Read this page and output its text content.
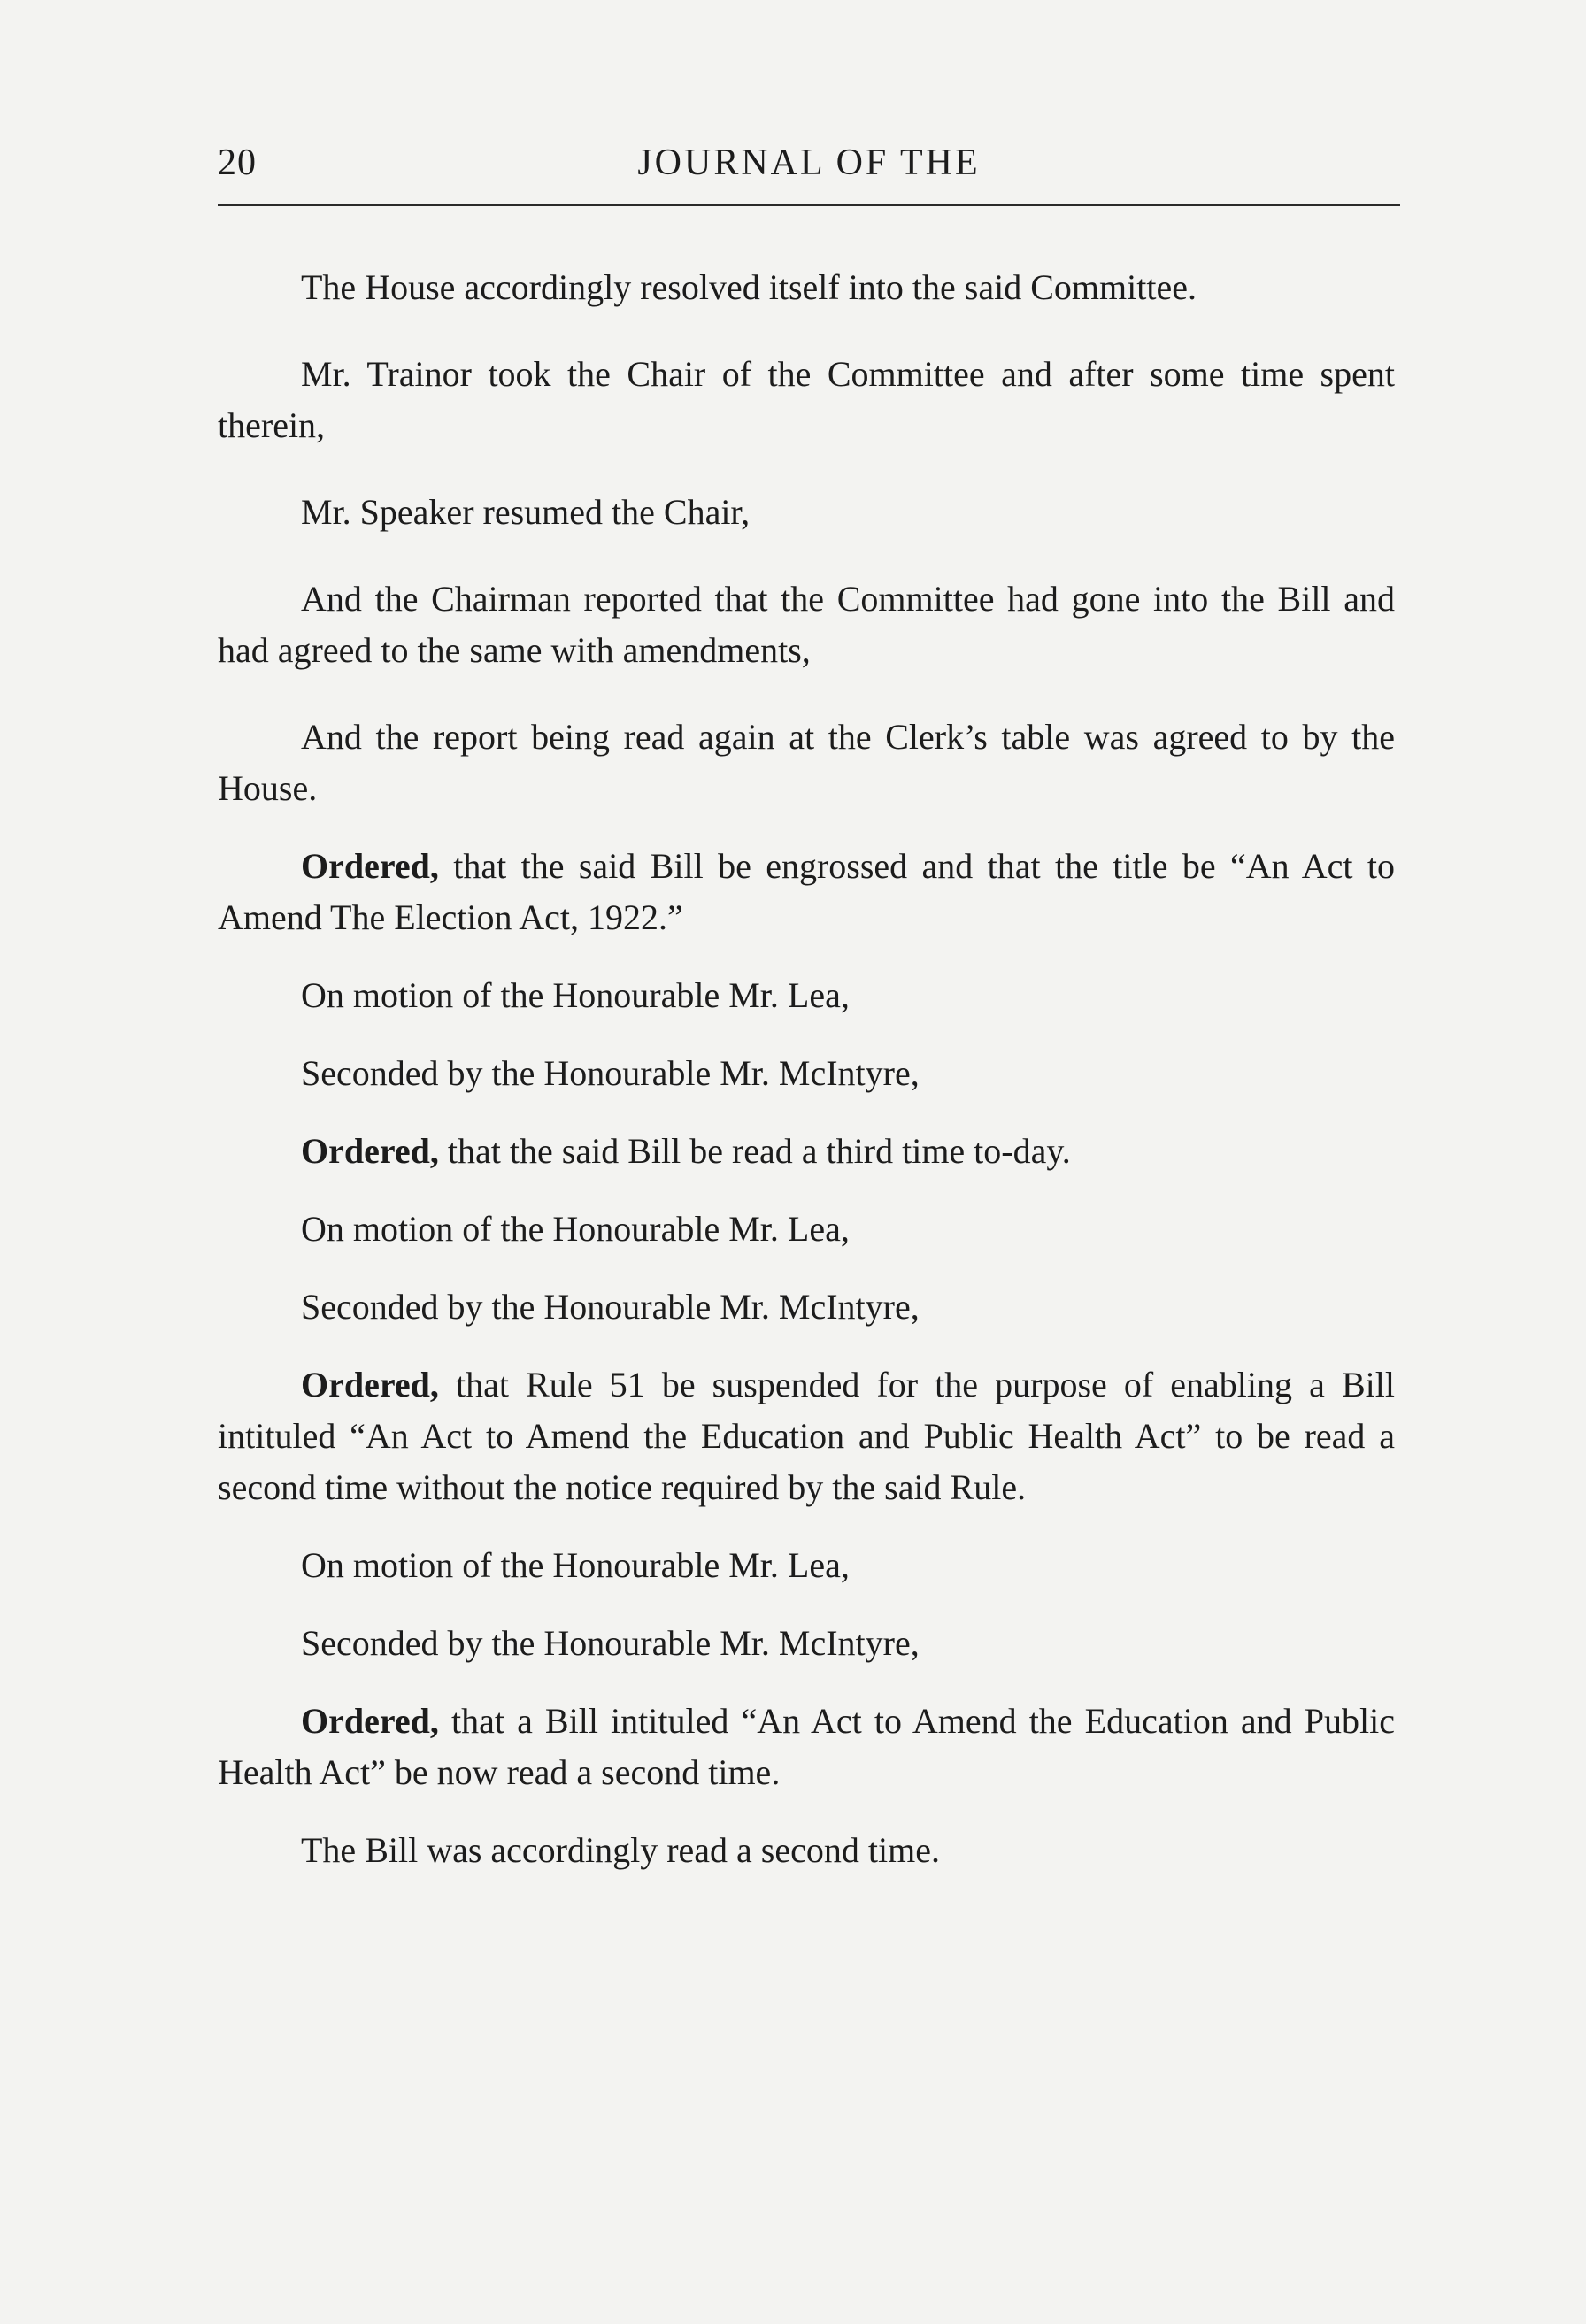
20	JOURNAL OF THE

The House accordingly resolved itself into the said Committee.

Mr. Trainor took the Chair of the Committee and after some time spent therein,

Mr. Speaker resumed the Chair,

And the Chairman reported that the Committee had gone into the Bill and had agreed to the same with amendments,

And the report being read again at the Clerk’s table was agreed to by the House.

Ordered, that the said Bill be engrossed and that the title be “An Act to Amend The Election Act, 1922.”

On motion of the Honourable Mr. Lea,

Seconded by the Honourable Mr. McIntyre,

Ordered, that the said Bill be read a third time to-day.

On motion of the Honourable Mr. Lea,

Seconded by the Honourable Mr. McIntyre,

Ordered, that Rule 51 be suspended for the purpose of enabling a Bill intituled “An Act to Amend the Education and Public Health Act” to be read a second time without the notice required by the said Rule.

On motion of the Honourable Mr. Lea,

Seconded by the Honourable Mr. McIntyre,

Ordered, that a Bill intituled “An Act to Amend the Education and Public Health Act” be now read a second time.

The Bill was accordingly read a second time.
